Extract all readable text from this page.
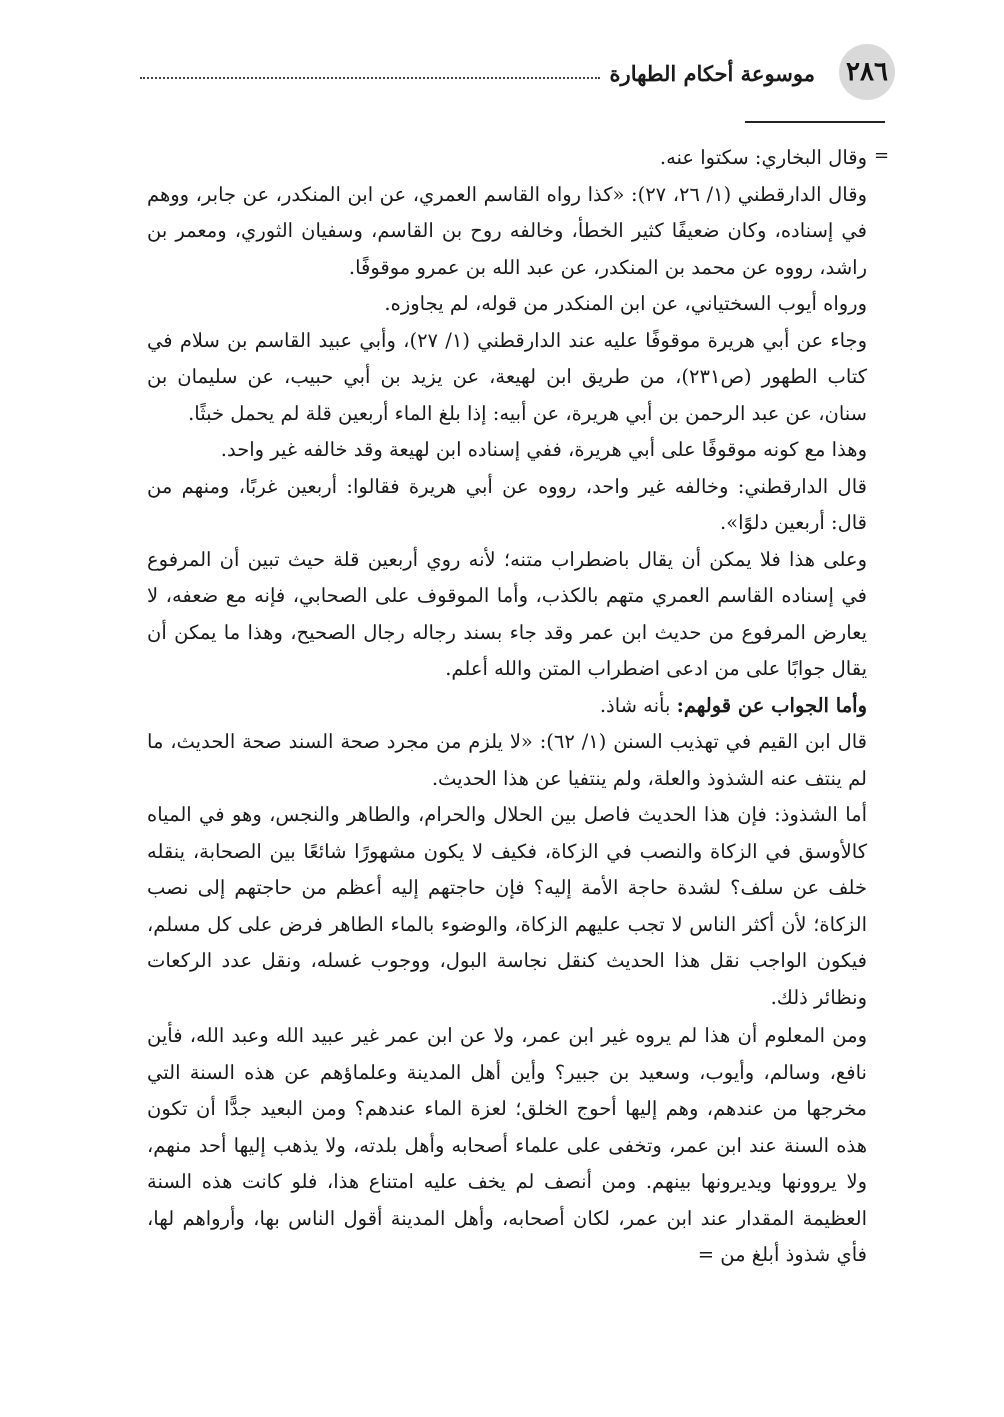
٢٨٦
موسوعة أحكام الطهارة
=

وقال البخاري: سكتوا عنه.

وقال الدارقطني (١/ ٢٦، ٢٧): «كذا رواه القاسم العمري، عن ابن المنكدر، عن جابر، ووهم في إسناده، وكان ضعيفًا كثير الخطأ، وخالفه روح بن القاسم، وسفيان الثوري، ومعمر بن راشد، رووه عن محمد بن المنكدر، عن عبد الله بن عمرو موقوفًا.

ورواه أيوب السختياني، عن ابن المنكدر من قوله، لم يجاوزه.

وجاء عن أبي هريرة موقوفًا عليه عند الدارقطني (١/ ٢٧)، وأبي عبيد القاسم بن سلام في كتاب الطهور (ص٢٣١)، من طريق ابن لهيعة، عن يزيد بن أبي حبيب، عن سليمان بن سنان، عن عبد الرحمن بن أبي هريرة، عن أبيه: إذا بلغ الماء أربعين قلة لم يحمل خبثًا.

وهذا مع كونه موقوفًا على أبي هريرة، ففي إسناده ابن لهيعة وقد خالفه غير واحد.

قال الدارقطني: وخالفه غير واحد، رووه عن أبي هريرة فقالوا: أربعين غربًا، ومنهم من قال: أربعين دلوًا».

وعلى هذا فلا يمكن أن يقال باضطراب متنه؛ لأنه روي أربعين قلة حيث تبين أن المرفوع في إسناده القاسم العمري متهم بالكذب، وأما الموقوف على الصحابي، فإنه مع ضعفه، لا يعارض المرفوع من حديث ابن عمر وقد جاء بسند رجاله رجال الصحيح، وهذا ما يمكن أن يقال جوابًا على من ادعى اضطراب المتن والله أعلم.

وأما الجواب عن قولهم: بأنه شاذ.

قال ابن القيم في تهذيب السنن (١/ ٦٢): «لا يلزم من مجرد صحة السند صحة الحديث، ما لم ينتف عنه الشذوذ والعلة، ولم ينتفيا عن هذا الحديث.

أما الشذوذ: فإن هذا الحديث فاصل بين الحلال والحرام، والطاهر والنجس، وهو في المياه كالأوسق في الزكاة والنصب في الزكاة، فكيف لا يكون مشهورًا شائعًا بين الصحابة، ينقله خلف عن سلف؟ لشدة حاجة الأمة إليه؟ فإن حاجتهم إليه أعظم من حاجتهم إلى نصب الزكاة؛ لأن أكثر الناس لا تجب عليهم الزكاة، والوضوء بالماء الطاهر فرض على كل مسلم، فيكون الواجب نقل هذا الحديث كنقل نجاسة البول، ووجوب غسله، ونقل عدد الركعات ونظائر ذلك.

ومن المعلوم أن هذا لم يروه غير ابن عمر، ولا عن ابن عمر غير عبيد الله وعبد الله، فأين نافع، وسالم، وأيوب، وسعيد بن جبير؟ وأين أهل المدينة وعلماؤهم عن هذه السنة التي مخرجها من عندهم، وهم إليها أحوج الخلق؛ لعزة الماء عندهم؟ ومن البعيد جدًّا أن تكون هذه السنة عند ابن عمر، وتخفى على علماء أصحابه وأهل بلدته، ولا يذهب إليها أحد منهم، ولا يروونها ويديرونها بينهم. ومن أنصف لم يخف عليه امتناع هذا، فلو كانت هذه السنة العظيمة المقدار عند ابن عمر، لكان أصحابه، وأهل المدينة أقول الناس بها، وأرواهم لها، فأي شذوذ أبلغ من =
